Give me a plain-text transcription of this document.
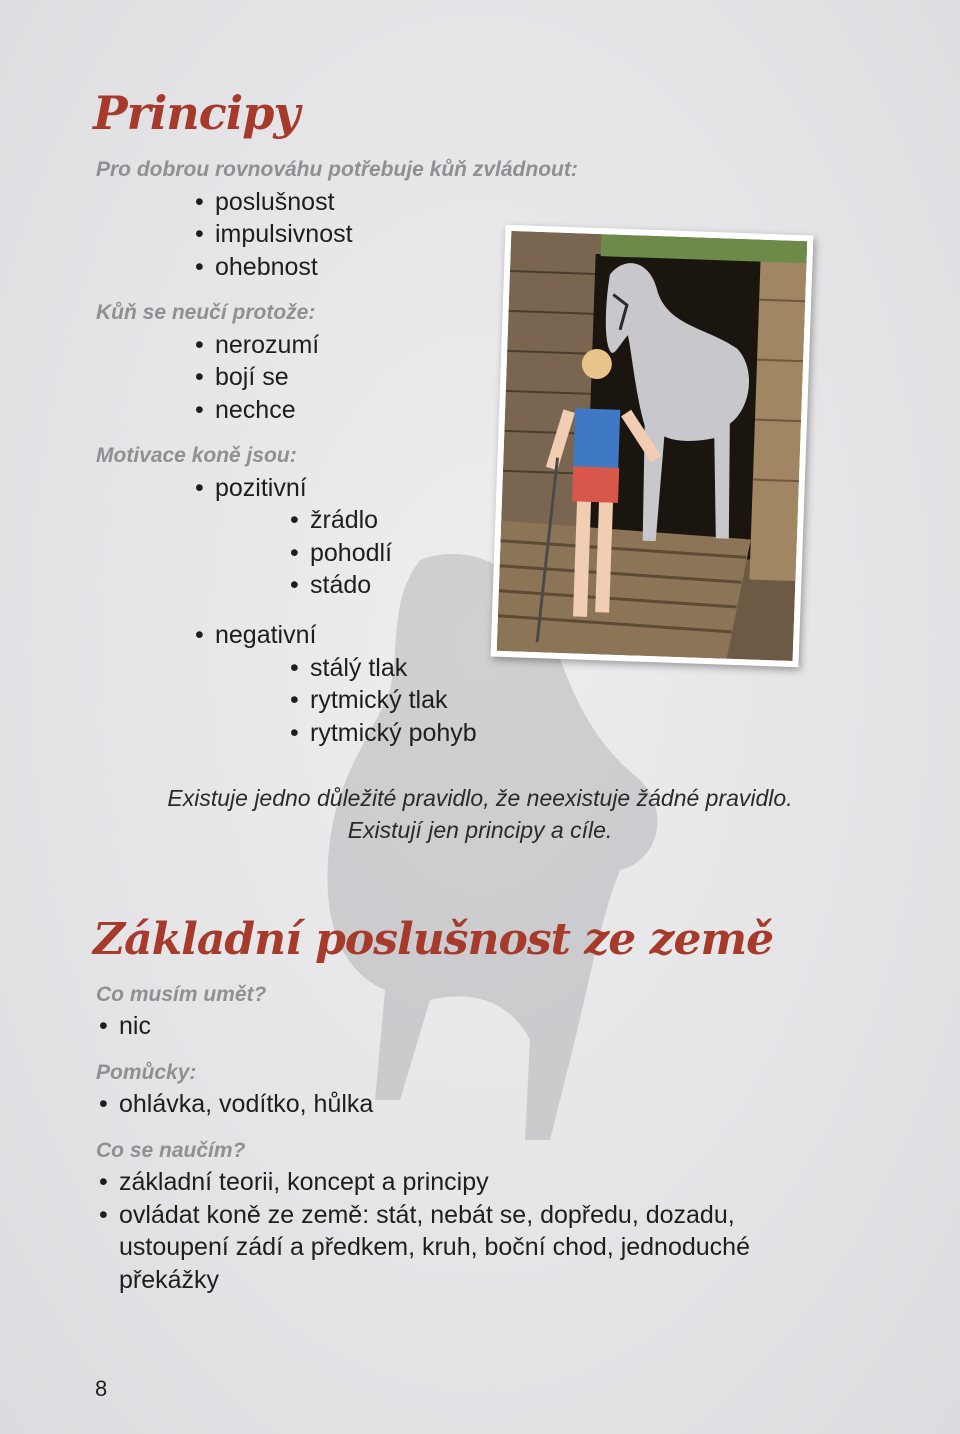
Principy

Pro dobrou rovnováhu potřebuje kůň zvládnout:

• poslušnost

• impulsivnost

• ohebnost

Kůň se neučí protože:

• nerozumí

• bojí se

• nechce

Motivace koně jsou:

• pozitivní

• žrádlo

• pohodlí

• stádo

• negativní

• stálý tlak

• rytmický tlak

• rytmický pohyb

Existuje jedno důležité pravidlo, že neexistuje žádné pravidlo.

Existují jen principy a cíle.

Základní poslušnost ze země

Co musím umět?

• nic

Pomůcky:

• ohlávka, vodítko, hůlka

Co se naučím?

• základní teorii, koncept a principy

• ovládat koně ze země: stát, nebát se, dopředu, dozadu,

ustoupení zádí a předkem, kruh, boční chod, jednoduché

překážky

8
